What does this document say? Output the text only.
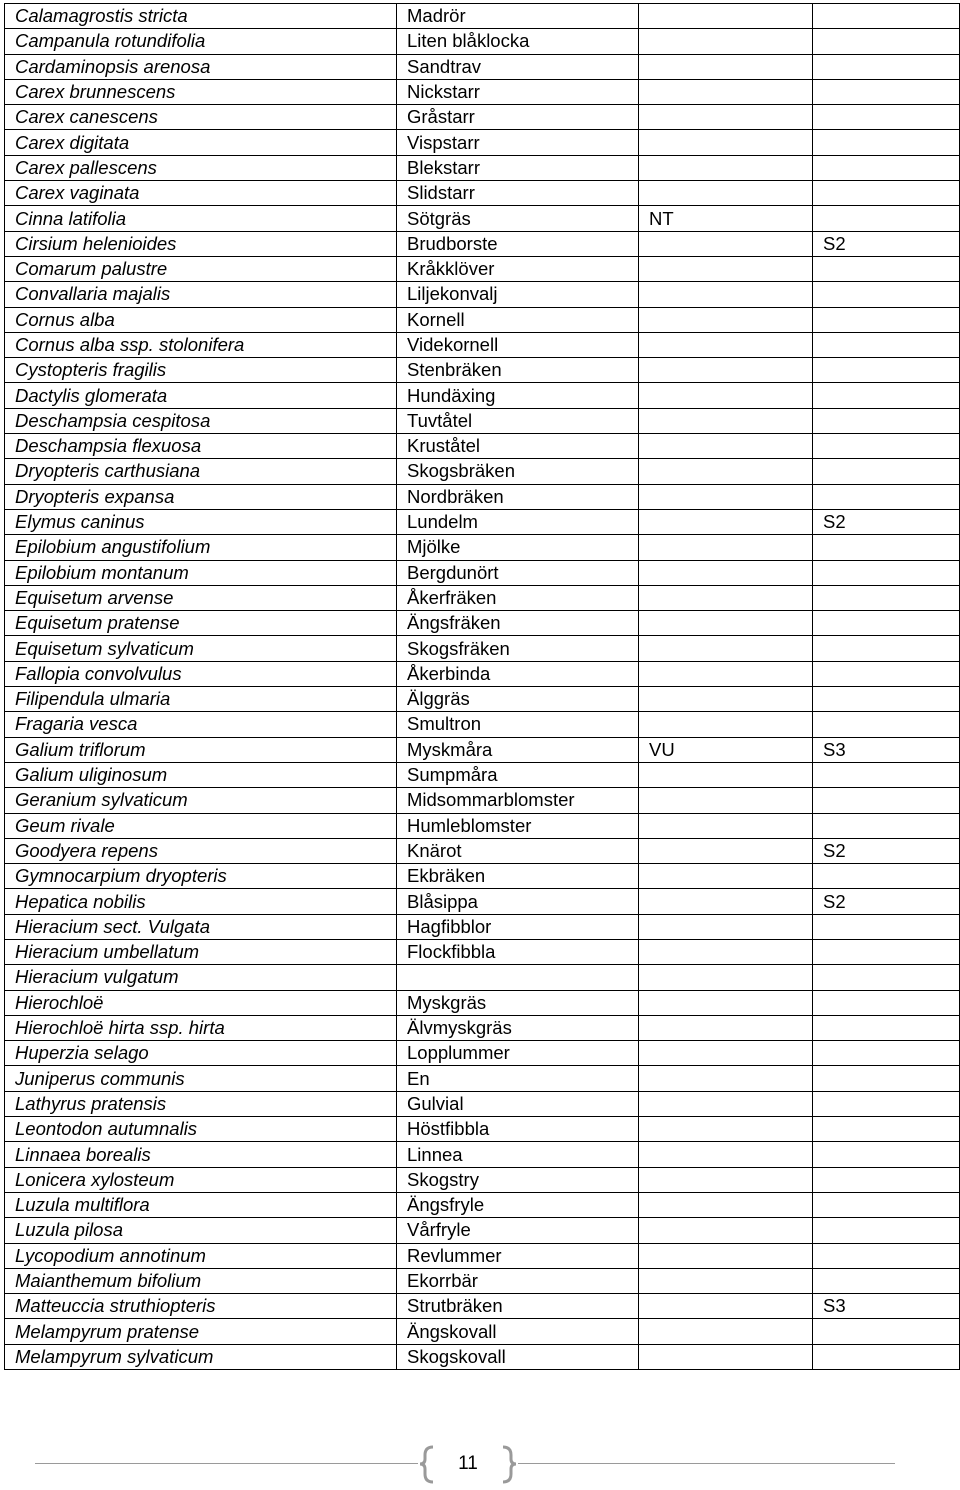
Calamagrostis stricta	Madrör		
Campanula rotundifolia	Liten blåklocka		
Cardaminopsis arenosa	Sandtrav		
Carex brunnescens	Nickstarr		
Carex canescens	Gråstarr		
Carex digitata	Vispstarr		
Carex pallescens	Blekstarr		
Carex vaginata	Slidstarr		
Cinna latifolia	Sötgräs	NT	
Cirsium helenioides	Brudborste		S2
Comarum palustre	Kråkklöver		
Convallaria majalis	Liljekonvalj		
Cornus alba	Kornell		
Cornus alba ssp. stolonifera	Videkornell		
Cystopteris fragilis	Stenbräken		
Dactylis glomerata	Hundäxing		
Deschampsia cespitosa	Tuvtåtel		
Deschampsia flexuosa	Kruståtel		
Dryopteris carthusiana	Skogsbräken		
Dryopteris expansa	Nordbräken		
Elymus caninus	Lundelm		S2
Epilobium angustifolium	Mjölke		
Epilobium montanum	Bergdunört		
Equisetum arvense	Åkerfräken		
Equisetum pratense	Ängsfräken		
Equisetum sylvaticum	Skogsfräken		
Fallopia convolvulus	Åkerbinda		
Filipendula ulmaria	Älggräs		
Fragaria vesca	Smultron		
Galium triflorum	Myskmåra	VU	S3
Galium uliginosum	Sumpmåra		
Geranium sylvaticum	Midsommarblomster		
Geum rivale	Humleblomster		
Goodyera repens	Knärot		S2
Gymnocarpium dryopteris	Ekbräken		
Hepatica nobilis	Blåsippa		S2
Hieracium sect. Vulgata	Hagfibblor		
Hieracium umbellatum	Flockfibbla		
Hieracium vulgatum			
Hierochloë	Myskgräs		
Hierochloë hirta ssp. hirta	Älvmyskgräs		
Huperzia selago	Lopplummer		
Juniperus communis	En		
Lathyrus pratensis	Gulvial		
Leontodon autumnalis	Höstfibbla		
Linnaea borealis	Linnea		
Lonicera xylosteum	Skogstry		
Luzula multiflora	Ängsfryle		
Luzula pilosa	Vårfryle		
Lycopodium annotinum	Revlummer		
Maianthemum bifolium	Ekorrbär		
Matteuccia struthiopteris	Strutbräken		S3
Melampyrum pratense	Ängskovall		
Melampyrum sylvaticum	Skogskovall		
11
